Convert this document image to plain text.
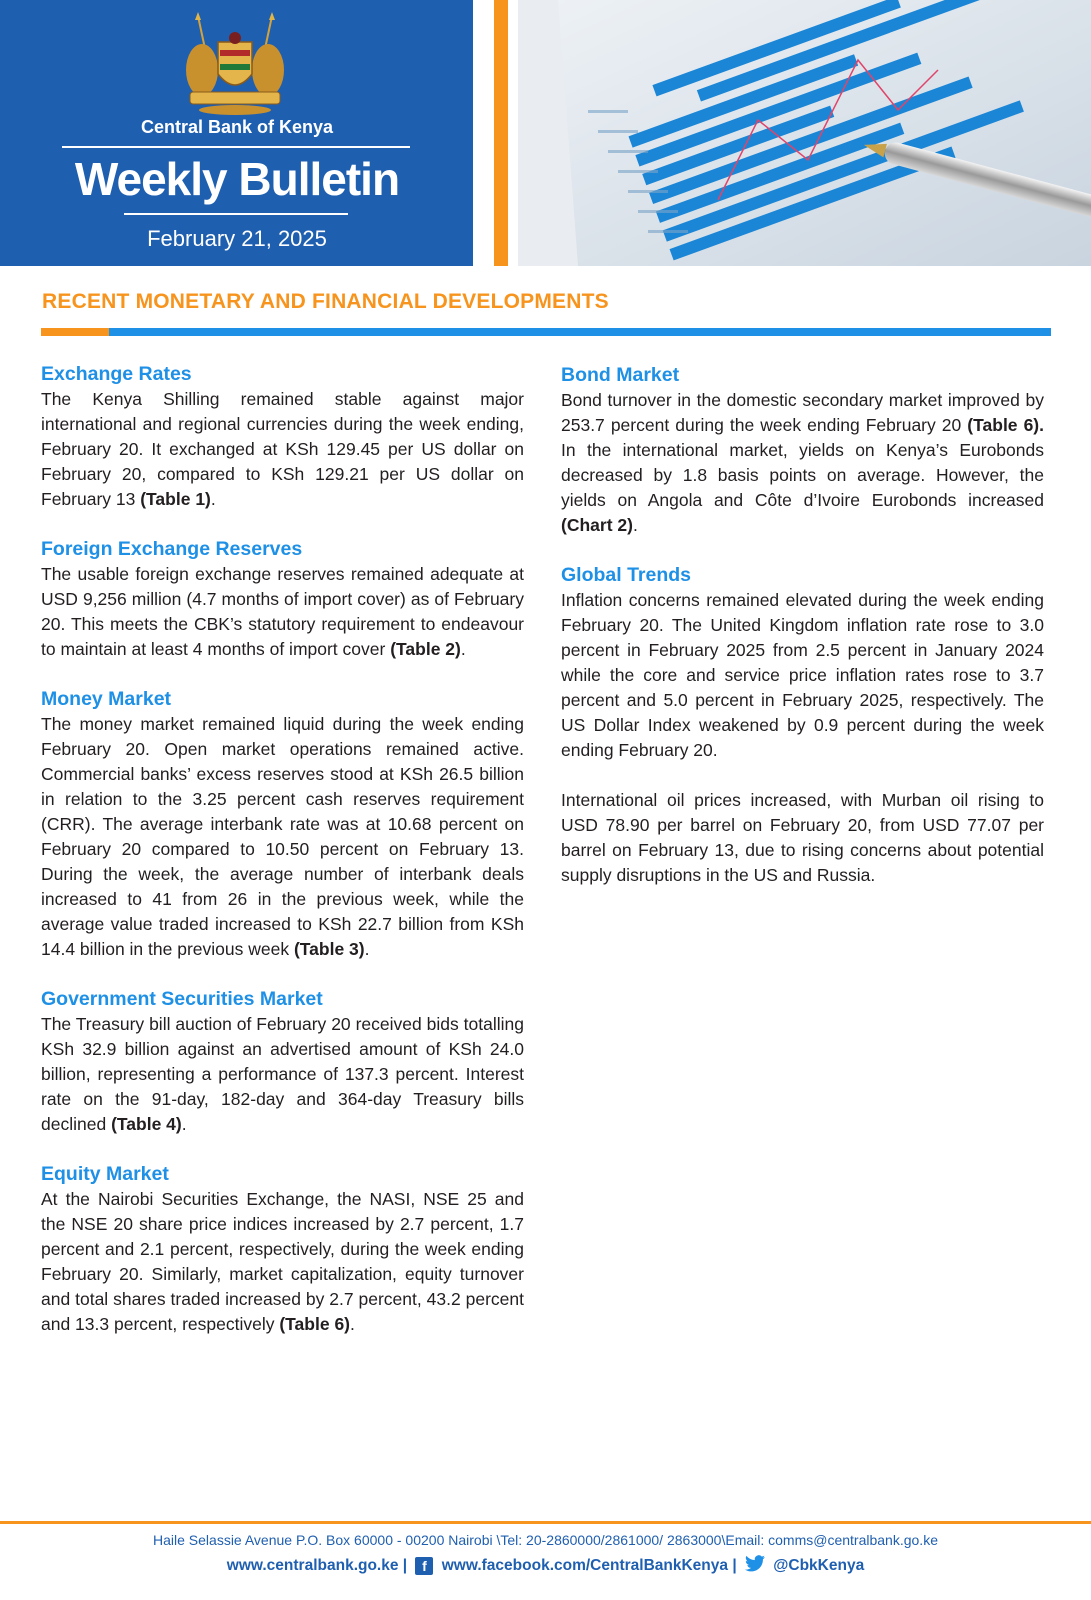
Central Bank of Kenya
Weekly Bulletin
February 21, 2025
RECENT MONETARY AND FINANCIAL DEVELOPMENTS
Exchange Rates

The Kenya Shilling remained stable against major international and regional currencies during the week ending, February 20. It exchanged at KSh 129.45 per US dollar on February 20, compared to KSh 129.21 per US dollar on February 13 (Table 1).

Foreign Exchange Reserves

The usable foreign exchange reserves remained adequate at USD 9,256 million (4.7 months of import cover) as of February 20. This meets the CBK’s statutory requirement to endeavour to maintain at least 4 months of import cover (Table 2).

Money Market

The money market remained liquid during the week ending February 20. Open market operations remained active. Commercial banks’ excess reserves stood at KSh 26.5 billion in relation to the 3.25 percent cash reserves requirement (CRR). The average interbank rate was at 10.68 percent on February 20 compared to 10.50 percent on February 13. During the week, the average number of interbank deals increased to 41 from 26 in the previous week, while the average value traded increased to KSh 22.7 billion from KSh 14.4 billion in the previous week (Table 3).

Government Securities Market

The Treasury bill auction of February 20 received bids totalling KSh 32.9 billion against an advertised amount of KSh 24.0 billion, representing a performance of 137.3 percent. Interest rate on the 91-day, 182-day and 364-day Treasury bills declined (Table 4).

Equity Market

At the Nairobi Securities Exchange, the NASI, NSE 25 and the NSE 20 share price indices increased by 2.7 percent, 1.7 percent and 2.1 percent, respectively, during the week ending February 20. Similarly, market capitalization, equity turnover and total shares traded increased by 2.7 percent, 43.2 percent and 13.3 percent, respectively (Table 6).

Bond Market

Bond turnover in the domestic secondary market improved by 253.7 percent during the week ending February 20 (Table 6). In the international market, yields on Kenya’s Eurobonds decreased by 1.8 basis points on average. However, the yields on Angola and Côte d’Ivoire Eurobonds increased (Chart 2).

Global Trends

Inflation concerns remained elevated during the week ending February 20. The United Kingdom inflation rate rose to 3.0 percent in February 2025 from 2.5 percent in January 2024 while the core and service price inflation rates rose to 3.7 percent and 5.0 percent in February 2025, respectively. The US Dollar Index weakened by 0.9 percent during the week ending February 20.

International oil prices increased, with Murban oil rising to USD 78.90 per barrel on February 20, from USD 77.07 per barrel on February 13, due to rising concerns about potential supply disruptions in the US and Russia.

Haile Selassie Avenue P.O. Box 60000 - 00200 Nairobi \Tel: 20-2860000/2861000/ 2863000\Email: comms@centralbank.go.ke
www.centralbank.go.ke | f www.facebook.com/CentralBankKenya | @CbkKenya
